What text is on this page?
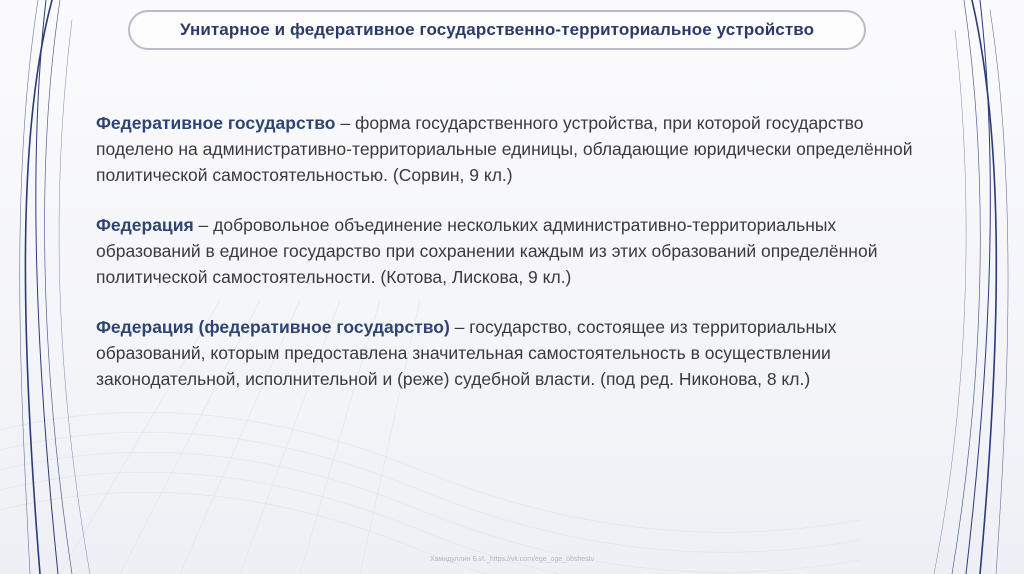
Унитарное и федеративное государственно-территориальное устройство

Федеративное государство – форма государственного устройства, при которой государство поделено на административно-территориальные единицы, обладающие юридически определённой политической самостоятельностью. (Сорвин, 9 кл.)

Федерация – добровольное объединение нескольких административно-территориальных образований в единое государство при сохранении каждым из этих образований определённой политической самостоятельности. (Котова, Лискова, 9 кл.)

Федерация (федеративное государство) – государство, состоящее из территориальных образований, которым предоставлена значительная самостоятельность в осуществлении законодательной, исполнительной и (реже) судебной власти. (под ред. Никонова, 8 кл.)

Хамидуллин Б.И._https://vk.com/ege_oge_obshestv
